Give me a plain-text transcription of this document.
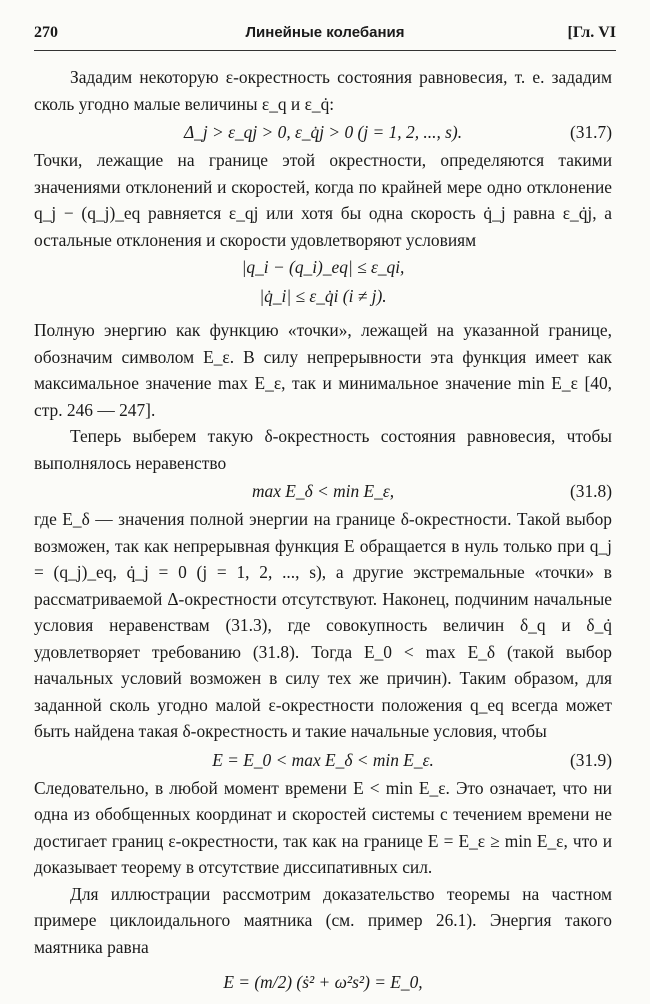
270	Линейные колебания	[Гл. VI

Зададим некоторую ε-окрестность состояния равновесия, т. е. зададим сколь угодно малые величины ε_q и ε_q̇:

Δ_j > ε_qj > 0, ε_q̇j > 0 (j = 1, 2, ..., s).	(31.7)

Точки, лежащие на границе этой окрестности, определяются такими значениями отклонений и скоростей, когда по крайней мере одно отклонение q_j − (q_j)_eq равняется ε_qj или хотя бы одна скорость q̇_j равна ε_q̇j, а остальные отклонения и скорости удовлетворяют условиям

|q_i − (q_i)_eq| ≤ ε_qi,
|q̇_i| ≤ ε_q̇i (i ≠ j).

Полную энергию как функцию «точки», лежащей на указанной границе, обозначим символом E_ε. В силу непрерывности эта функция имеет как максимальное значение max E_ε, так и минимальное значение min E_ε [40, стр. 246 — 247].

Теперь выберем такую δ-окрестность состояния равновесия, чтобы выполнялось неравенство

max E_δ < min E_ε,	(31.8)

где E_δ — значения полной энергии на границе δ-окрестности. Такой выбор возможен, так как непрерывная функция E обращается в нуль только при q_j = (q_j)_eq, q̇_j = 0 (j = 1, 2, ..., s), а другие экстремальные «точки» в рассматриваемой Δ-окрестности отсутствуют. Наконец, подчиним начальные условия неравенствам (31.3), где совокупность величин δ_q и δ_q̇ удовлетворяет требованию (31.8). Тогда E_0 < max E_δ (такой выбор начальных условий возможен в силу тех же причин). Таким образом, для заданной сколь угодно малой ε-окрестности положения q_eq всегда может быть найдена такая δ-окрестность и такие начальные условия, чтобы

E = E_0 < max E_δ < min E_ε.	(31.9)

Следовательно, в любой момент времени E < min E_ε. Это означает, что ни одна из обобщенных координат и скоростей системы с течением времени не достигает границ ε-окрестности, так как на границе E = E_ε ≥ min E_ε, что и доказывает теорему в отсутствие диссипативных сил.

Для иллюстрации рассмотрим доказательство теоремы на частном примере циклоидального маятника (см. пример 26.1). Энергия такого маятника равна

E = (m/2) (ṡ² + ω²s²) = E_0,
